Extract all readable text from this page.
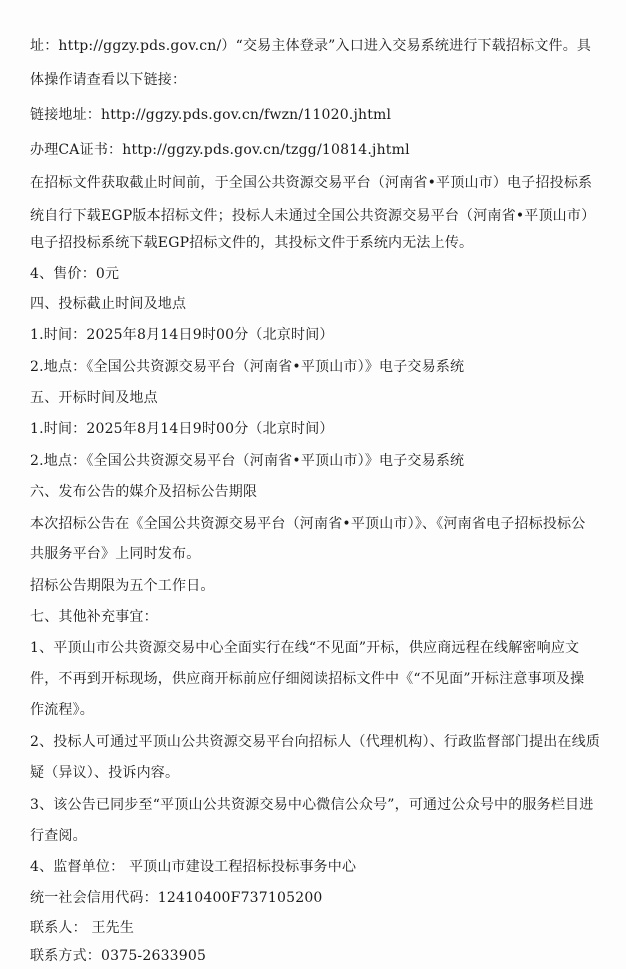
址：http://ggzy.pds.gov.cn/）“交易主体登录”入口进入交易系统进行下载招标文件。具
体操作请查看以下链接：
链接地址：http://ggzy.pds.gov.cn/fwzn/11020.jhtml
办理CA证书：http://ggzy.pds.gov.cn/tzgg/10814.jhtml
在招标文件获取截止时间前，于全国公共资源交易平台（河南省•平顶山市）电子招投标系
统自行下载EGP版本招标文件；投标人未通过全国公共资源交易平台（河南省•平顶山市）
电子招投标系统下载EGP招标文件的，其投标文件于系统内无法上传。
4、售价：0元
四、投标截止时间及地点
1.时间：2025年8月14日9时00分（北京时间）
2.地点：《全国公共资源交易平台（河南省•平顶山市）》电子交易系统
五、开标时间及地点
1.时间：2025年8月14日9时00分（北京时间）
2.地点：《全国公共资源交易平台（河南省•平顶山市）》电子交易系统
六、发布公告的媒介及招标公告期限
本次招标公告在《全国公共资源交易平台（河南省•平顶山市）》、《河南省电子招标投标公
共服务平台》上同时发布。
招标公告期限为五个工作日。
七、其他补充事宜：
1、平顶山市公共资源交易中心全面实行在线“不见面”开标，供应商远程在线解密响应文
件，不再到开标现场，供应商开标前应仔细阅读招标文件中《“不见面”开标注意事项及操
作流程》。
2、投标人可通过平顶山公共资源交易平台向招标人（代理机构）、行政监督部门提出在线质
疑（异议）、投诉内容。
3、该公告已同步至“平顶山公共资源交易中心微信公众号”，可通过公众号中的服务栏目进
行查阅。
4、监督单位： 平顶山市建设工程招标投标事务中心
统一社会信用代码：12410400F737105200
联系人： 王先生
联系方式：0375-2633905
